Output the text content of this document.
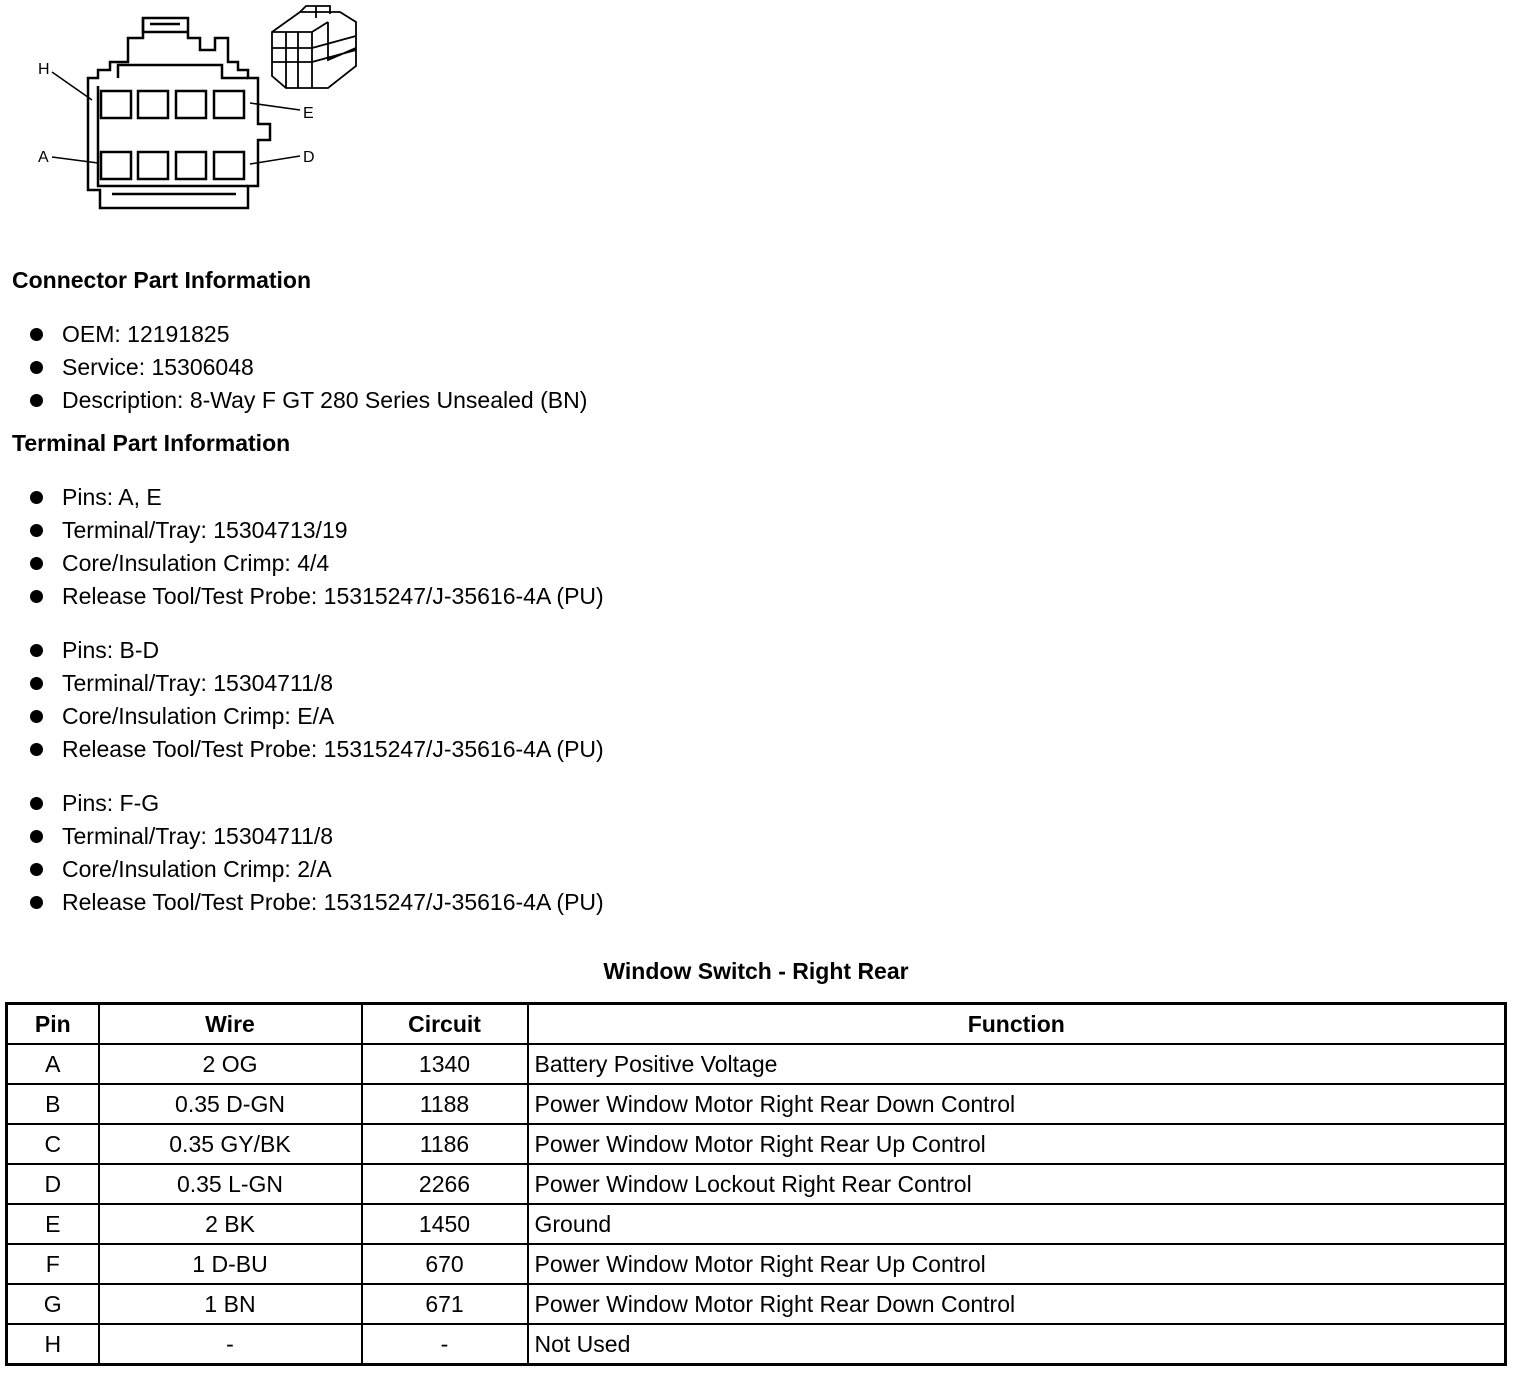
H
E
A	D
Connector Part Information
OEM: 12191825
Service: 15306048
Description: 8-Way F GT 280 Series Unsealed (BN)
Terminal Part Information
Pins: A, E
Terminal/Tray: 15304713/19
Core/Insulation Crimp: 4/4
Release Tool/Test Probe: 15315247/J-35616-4A (PU)
Pins: B-D
Terminal/Tray: 15304711/8
Core/Insulation Crimp: E/A
Release Tool/Test Probe: 15315247/J-35616-4A (PU)
Pins: F-G
Terminal/Tray: 15304711/8
Core/Insulation Crimp: 2/A
Release Tool/Test Probe: 15315247/J-35616-4A (PU)
Window Switch - Right Rear
Pin	Wire	Circuit	Function
A	2 OG	1340	Battery Positive Voltage
B	0.35 D-GN	1188	Power Window Motor Right Rear Down Control
C	0.35 GY/BK	1186	Power Window Motor Right Rear Up Control
D	0.35 L-GN	2266	Power Window Lockout Right Rear Control
E	2 BK	1450	Ground
F	1 D-BU	670	Power Window Motor Right Rear Up Control
G	1 BN	671	Power Window Motor Right Rear Down Control
H	-	-	Not Used
